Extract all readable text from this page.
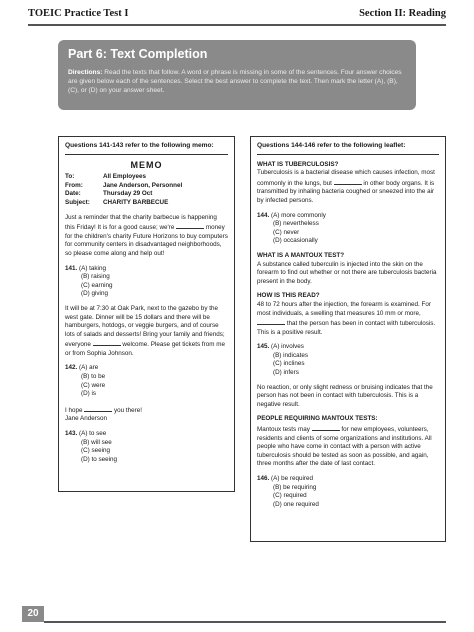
TOEIC Practice Test I	Section II: Reading
Part 6: Text Completion
Directions: Read the texts that follow. A word or phrase is missing in some of the sentences. Four answer choices are given below each of the sentences. Select the best answer to complete the text. Then mark the letter (A), (B), (C), or (D) on your answer sheet.
Questions 141-143 refer to the following memo:
MEMO
To:	All Employees
From:	Jane Anderson, Personnel
Date:	Thursday 29 Oct
Subject:	CHARITY BARBECUE
Just a reminder that the charity barbecue is happening this Friday! It is for a good cause; we're	money for the children's charity Future Horizons to buy computers for community centers in disadvantaged neighborhoods, so please come along and help out!
141. (A) taking
(B) raising
(C) earning
(D) giving
It will be at 7:30 at Oak Park, next to the gazebo by the west gate. Dinner will be 15 dollars and there will be hamburgers, hotdogs, or veggie burgers, and of course lots of salads and desserts! Bring your family and friends; everyone	welcome. Please get tickets from me or from Sophia Johnson.
142. (A) are
(B) to be
(C) were
(D) is
I hope	you there!
Jane Anderson
143. (A) to see
(B) will see
(C) seeing
(D) to seeing
Questions 144-146 refer to the following leaflet:
WHAT IS TUBERCULOSIS?
Tuberculosis is a bacterial disease which causes infection, most commonly in the lungs, but	in other body organs. It is transmitted by inhaling bacteria coughed or sneezed into the air by infected persons.
144. (A) more commonly
(B) nevertheless
(C) never
(D) occasionally
WHAT IS A MANTOUX TEST?
A substance called tuberculin is injected into the skin on the forearm to find out whether or not there are tuberculosis bacteria present in the body.
HOW IS THIS READ?
48 to 72 hours after the injection, the forearm is examined. For most individuals, a swelling that measures 10 mm or more,  that the person has been in contact with tuberculosis. This is a positive result.
145. (A) involves
(B) indicates
(C) inclines
(D) infers
No reaction, or only slight redness or bruising indicates that the person has not been in contact with tuberculosis. This is a negative result.
PEOPLE REQUIRING MANTOUX TESTS:
Mantoux tests may	for new employees, volunteers, residents and clients of some organizations and institutions. All people who have come in contact with a person with active tuberculosis should be tested as soon as possible, and again, three months after the date of last contact.
146. (A) be required
(B) be requiring
(C) required
(D) one required
20
